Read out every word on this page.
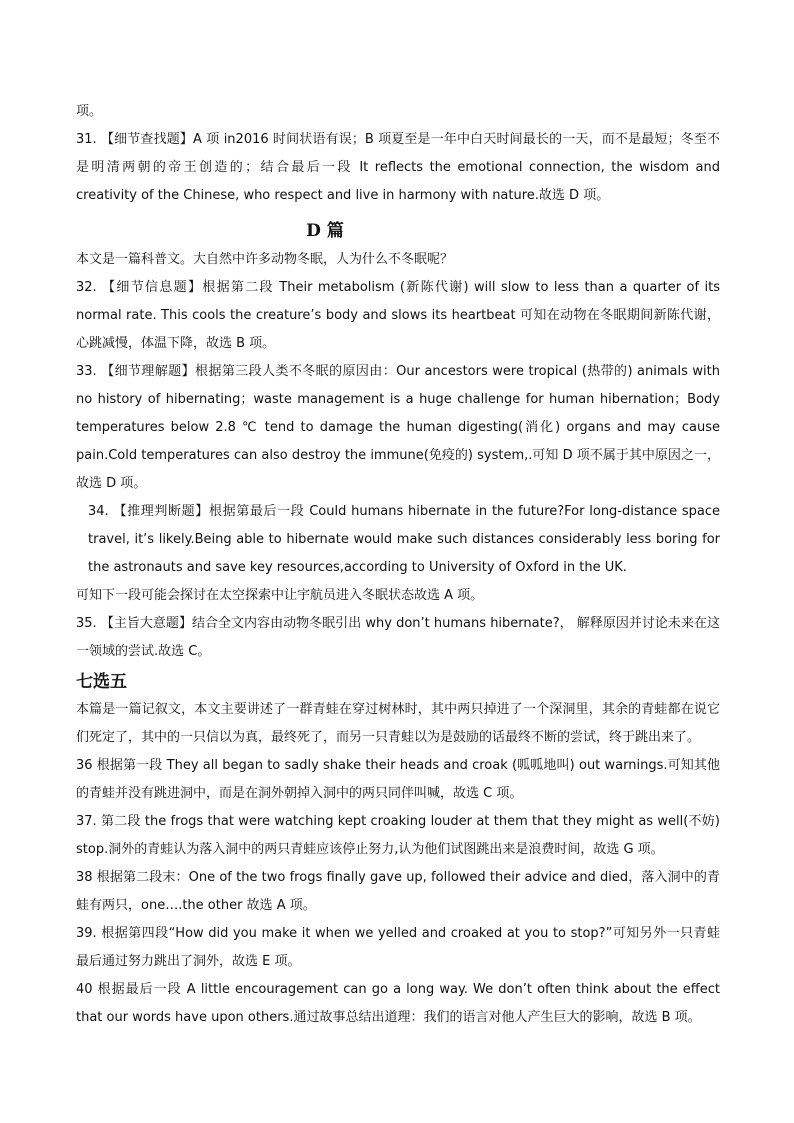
项。

31. 【细节查找题】A 项 in2016 时间状语有误；B 项夏至是一年中白天时间最长的一天，而不是最短；冬至不是明清两朝的帝王创造的；结合最后一段 It reflects the emotional connection, the wisdom and creativity of the Chinese, who respect and live in harmony with nature.故选 D 项。

D 篇

本文是一篇科普文。大自然中许多动物冬眠，人为什么不冬眠呢？

32. 【细节信息题】根据第二段 Their metabolism (新陈代谢) will slow to less than a quarter of its normal rate. This cools the creature’s body and slows its heartbeat 可知在动物在冬眠期间新陈代谢，心跳减慢，体温下降，故选 B 项。

33. 【细节理解题】根据第三段人类不冬眠的原因由：Our ancestors were tropical (热带的) animals with no history of hibernating；waste management is a huge challenge for human hibernation；Body temperatures below 2.8 ℃ tend to damage the human digesting(消化) organs and may cause pain.Cold temperatures can also destroy the immune(免疫的) system,.可知 D 项不属于其中原因之一，故选 D 项。

34. 【推理判断题】根据第最后一段 Could humans hibernate in the future?For long-distance space travel, it’s likely.Being able to hibernate would make such distances considerably less boring for the astronauts and save key resources,according to University of Oxford in the UK.

可知下一段可能会探讨在太空探索中让宇航员进入冬眠状态故选 A 项。

35. 【主旨大意题】结合全文内容由动物冬眠引出 why don’t humans hibernate?， 解释原因并讨论未来在这一领域的尝试.故选 C。

七选五

本篇是一篇记叙文，本文主要讲述了一群青蛙在穿过树林时，其中两只掉进了一个深洞里，其余的青蛙都在说它们死定了，其中的一只信以为真，最终死了，而另一只青蛙以为是鼓励的话最终不断的尝试，终于跳出来了。

36 根据第一段 They all began to sadly shake their heads and croak (呱呱地叫) out warnings.可知其他的青蛙并没有跳进洞中，而是在洞外朝掉入洞中的两只同伴叫喊，故选 C 项。

37. 第二段 the frogs that were watching kept croaking louder at them that they might as well(不妨) stop.洞外的青蛙认为落入洞中的两只青蛙应该停止努力,认为他们试图跳出来是浪费时间，故选 G 项。

38 根据第二段末：One of the two frogs finally gave up, followed their advice and died，落入洞中的青蛙有两只，one….the other 故选 A 项。

39. 根据第四段“How did you make it when we yelled and croaked at you to stop?”可知另外一只青蛙最后通过努力跳出了洞外，故选 E 项。

40 根据最后一段 A little encouragement can go a long way. We don’t often think about the effect that our words have upon others.通过故事总结出道理：我们的语言对他人产生巨大的影响，故选 B 项。
